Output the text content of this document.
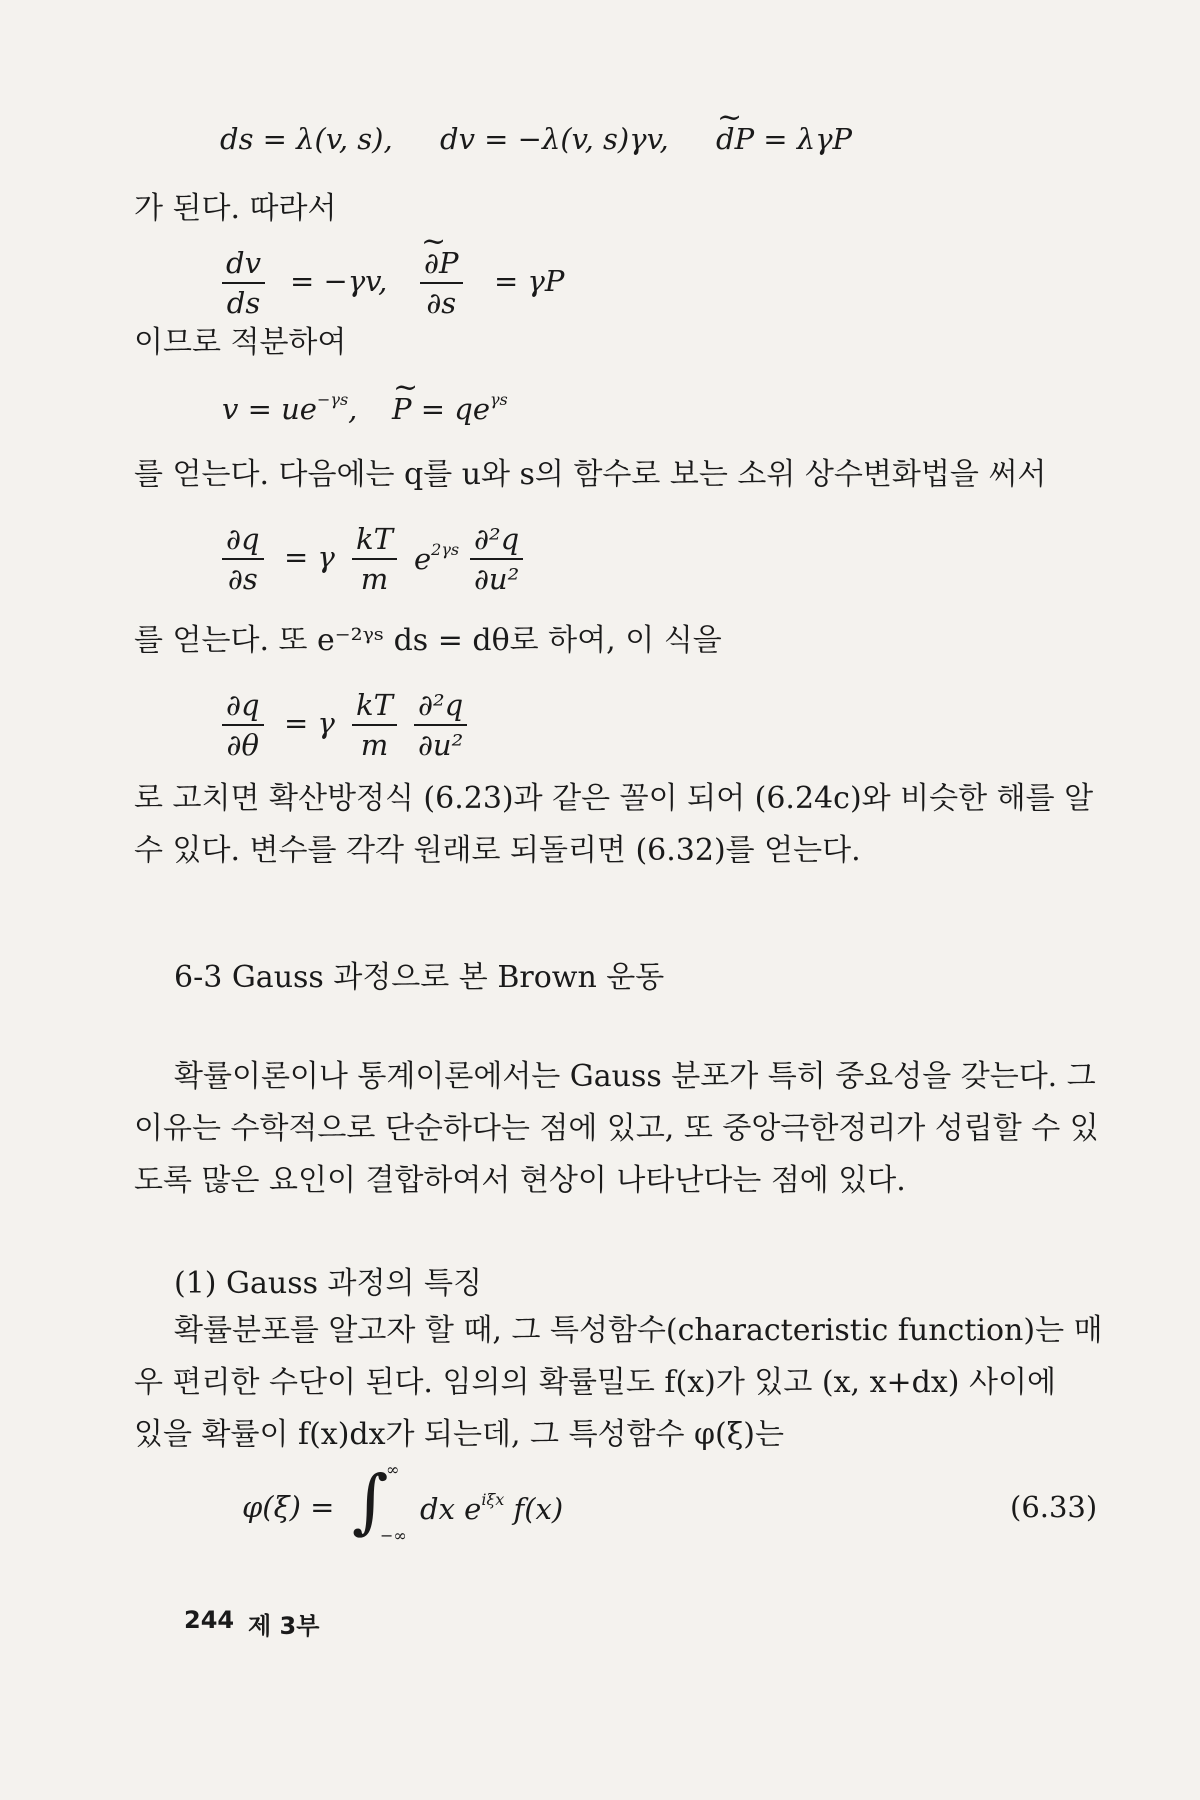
ds = λ(v, s), dv = −λ(v, s)γv, ~ dP = λγP
가 된다. 따라서
$\frac{dv}{ds} = -\gamma v$, ~ $\frac{\partial P}{\partial s} = \gamma P$
이므로 적분하여
$v = ue^{-\gamma s}$, ~ $P = qe^{\gamma s}$
를 얻는다. 다음에는 q를 u와 s의 함수로 보는 소위 상수변화법을 써서
$\frac{\partial q}{\partial s} = \gamma \frac{kT}{m} e^{2\gamma s} \frac{\text{∂²q}}{\text{∂u²}}$
를 얻는다. 또 e⁻²ᵞˢ ds = dθ로 하여, 이 식을
$\frac{\partial q}{\partial\theta} = \gamma \frac{kT}{m} \frac{\text{∂²q}}{\text{∂u²}}$
로 고치면 확산방정식 (6.23)과 같은 꼴이 되어 (6.24c)와 비슷한 해를 알
수 있다. 변수를 각각 원래로 되돌리면 (6.32)를 얻는다.
6-3 Gauss 과정으로 본 Brown 운동
확률이론이나 통계이론에서는 Gauss 분포가 특히 중요성을 갖는다. 그
이유는 수학적으로 단순하다는 점에 있고, 또 중앙극한정리가 성립할 수 있
도록 많은 요인이 결합하여서 현상이 나타난다는 점에 있다.
(1) Gauss 과정의 특징
확률분포를 알고자 할 때, 그 특성함수(characteristic function)는 매
우 편리한 수단이 된다. 임의의 확률밀도 f(x)가 있고 (x, x+dx) 사이에
있을 확률이 f(x)dx가 되는데, 그 특성함수 φ(ξ)는
φ(ξ) = ∫
∞
−∞
dx $e^{i\xi x}$ f(x)	(6.33)
244 제 3부
